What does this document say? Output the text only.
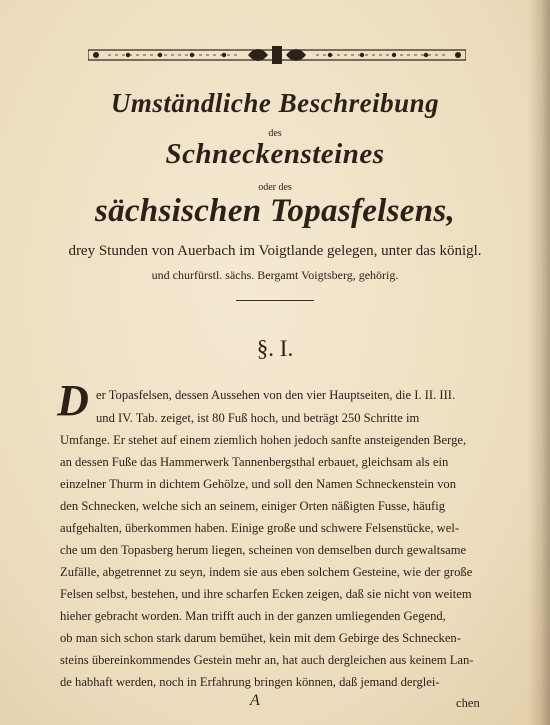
Umständliche Beschreibung
des
Schneckensteines
oder des
sächsischen Topasfelsens,
drey Stunden von Auerbach im Voigtlande gelegen, unter das königl.
und churfürstl. sächs. Bergamt Voigtsberg, gehörig.
§. I.
D er Topasfelsen, dessen Aussehen von den vier Hauptseiten, die I. II. III.
und IV. Tab. zeiget, ist 80 Fuß hoch, und beträgt 250 Schritte im
Umfange. Er stehet auf einem ziemlich hohen jedoch sanfte ansteigenden Berge,
an dessen Fuße das Hammerwerk Tannenbergsthal erbauet, gleichsam als ein
einzelner Thurm in dichtem Gehölze, und soll den Namen Schneckenstein von
den Schnecken, welche sich an seinem, einiger Orten näßigten Fusse, häufig
aufgehalten, überkommen haben. Einige große und schwere Felsenstücke, wel-
che um den Topasberg herum liegen, scheinen von demselben durch gewaltsame
Zufälle, abgetrennet zu seyn, indem sie aus eben solchem Gesteine, wie der große
Felsen selbst, bestehen, und ihre scharfen Ecken zeigen, daß sie nicht von weitem
hieher gebracht worden. Man trifft auch in der ganzen umliegenden Gegend,
ob man sich schon stark darum bemühet, kein mit dem Gebirge des Schnecken-
steins übereinkommendes Gestein mehr an, hat auch dergleichen aus keinem Lan-
de habhaft werden, noch in Erfahrung bringen können, daß jemand derglei-
A	chen
